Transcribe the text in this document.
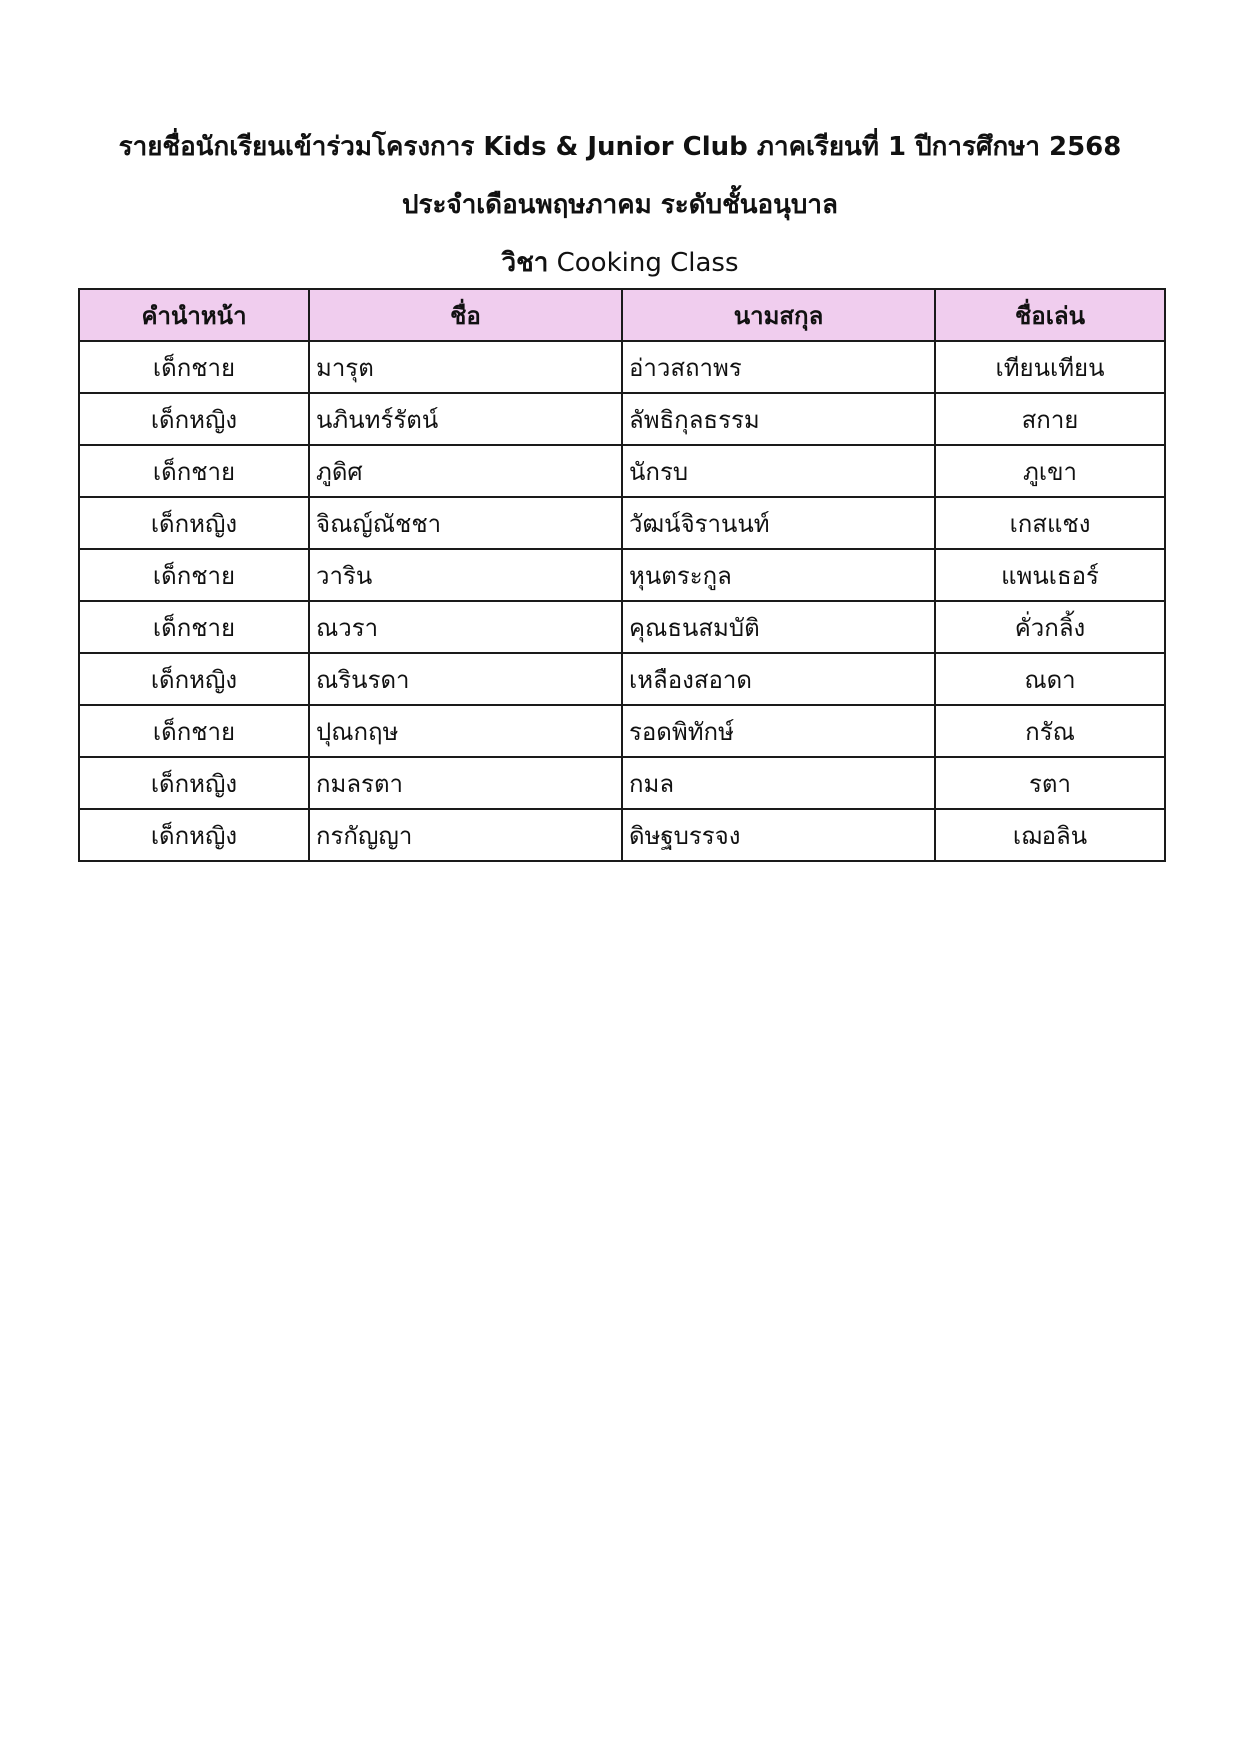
รายชื่อนักเรียนเข้าร่วมโครงการ Kids & Junior Club ภาคเรียนที่ 1 ปีการศึกษา 2568
ประจำเดือนพฤษภาคม ระดับชั้นอนุบาล
วิชา Cooking Class
คำนำหน้า	ชื่อ	นามสกุล	ชื่อเล่น
เด็กชาย	มารุต	อ่าวสถาพร	เทียนเทียน
เด็กหญิง	นภินทร์รัตน์	ลัพธิกุลธรรม	สกาย
เด็กชาย	ภูดิศ	นักรบ	ภูเขา
เด็กหญิง	จิณญ์ณัชชา	วัฒน์จิรานนท์	เกสแชง
เด็กชาย	วาริน	หุนตระกูล	แพนเธอร์
เด็กชาย	ณวรา	คุณธนสมบัติ	คั่วกลิ้ง
เด็กหญิง	ณรินรดา	เหลืองสอาด	ณดา
เด็กชาย	ปุณกฤษ	รอดพิทักษ์	กรัณ
เด็กหญิง	กมลรตา	กมล	รตา
เด็กหญิง	กรกัญญา	ดิษฐบรรจง	เฌอลิน
